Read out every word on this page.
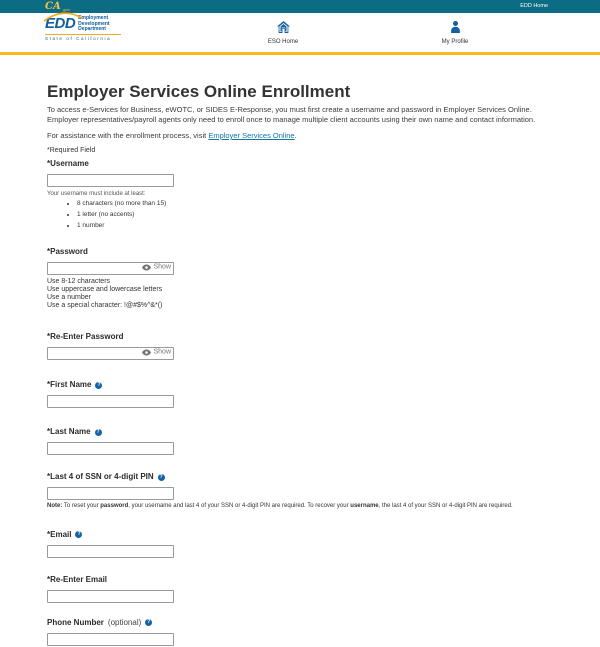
CA .gov
EDD Home
EDD Employment
Development
Department
State of California
ESO Home	My Profile
Employer Services Online Enrollment

To access e-Services for Business, eWOTC, or SIDES E-Response, you must first create a username and password in Employer Services Online. Employer representatives/payroll agents only need to enroll once to manage multiple client accounts using their own name and contact information.

For assistance with the enrollment process, visit Employer Services Online.

*Required Field

*Username
Your username must include at least:
• 8 characters (no more than 15)
• 1 letter (no accents)
• 1 number
*Password
Show
Use 8-12 characters
Use uppercase and lowercase letters
Use a number
Use a special character: !@#$%^&*()
*Re-Enter Password
Show
*First Name	?
*Last Name	?
*Last 4 of SSN or 4-digit PIN	?

Note: To reset your password, your username and last 4 of your SSN or 4-digit PIN are required. To recover your username, the last 4 of your SSN or 4-digit PIN are required.

*Email	?
*Re-Enter Email
Phone Number (optional)	?
